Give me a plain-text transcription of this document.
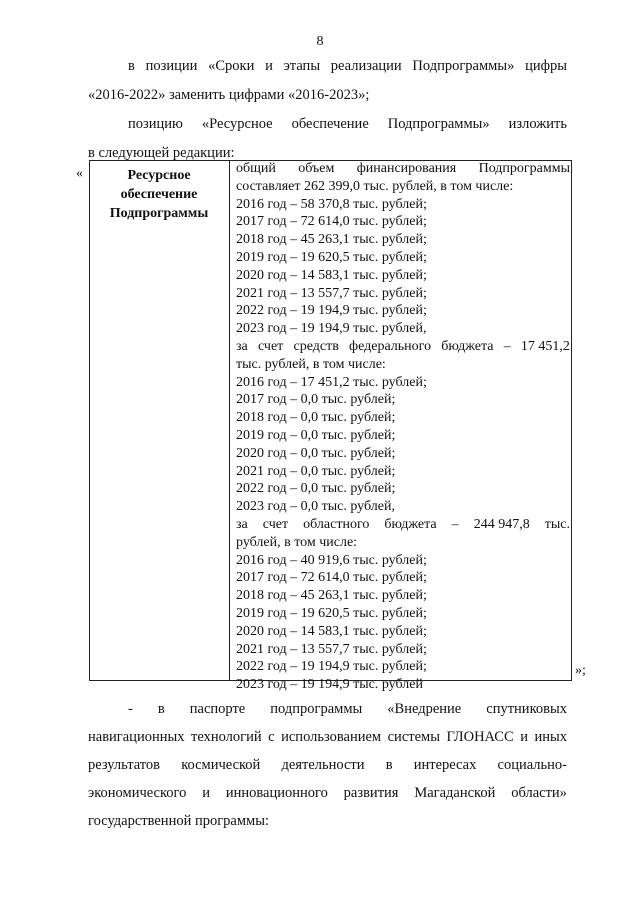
8
в позиции «Сроки и этапы реализации Подпрограммы» цифры
«2016-2022» заменить цифрами «2016-2023»;
позицию «Ресурсное обеспечение Подпрограммы» изложить
в следующей редакции:
«	Ресурсное
обеспечение
Подпрограммы
общий объем финансирования Подпрограммы
составляет 262 399,0 тыс. рублей, в том числе:
2016 год – 58 370,8 тыс. рублей;
2017 год – 72 614,0 тыс. рублей;
2018 год – 45 263,1 тыс. рублей;
2019 год – 19 620,5 тыс. рублей;
2020 год – 14 583,1 тыс. рублей;
2021 год – 13 557,7 тыс. рублей;
2022 год – 19 194,9 тыс. рублей;
2023 год – 19 194,9 тыс. рублей,
за счет средств федерального бюджета – 17 451,2
тыс. рублей, в том числе:
2016 год – 17 451,2 тыс. рублей;
2017 год – 0,0 тыс. рублей;
2018 год – 0,0 тыс. рублей;
2019 год – 0,0 тыс. рублей;
2020 год – 0,0 тыс. рублей;
2021 год – 0,0 тыс. рублей;
2022 год – 0,0 тыс. рублей;
2023 год – 0,0 тыс. рублей,
за счет областного бюджета – 244 947,8 тыс.
рублей, в том числе:
2016 год – 40 919,6 тыс. рублей;
2017 год – 72 614,0 тыс. рублей;
2018 год – 45 263,1 тыс. рублей;
2019 год – 19 620,5 тыс. рублей;
2020 год – 14 583,1 тыс. рублей;
2021 год – 13 557,7 тыс. рублей;
2022 год – 19 194,9 тыс. рублей;
2023 год – 19 194,9 тыс. рублей
»;
- в паспорте подпрограммы «Внедрение спутниковых
навигационных технологий с использованием системы ГЛОНАСС и иных
результатов космической деятельности в интересах социально-
экономического и инновационного развития Магаданской области»
государственной программы:
